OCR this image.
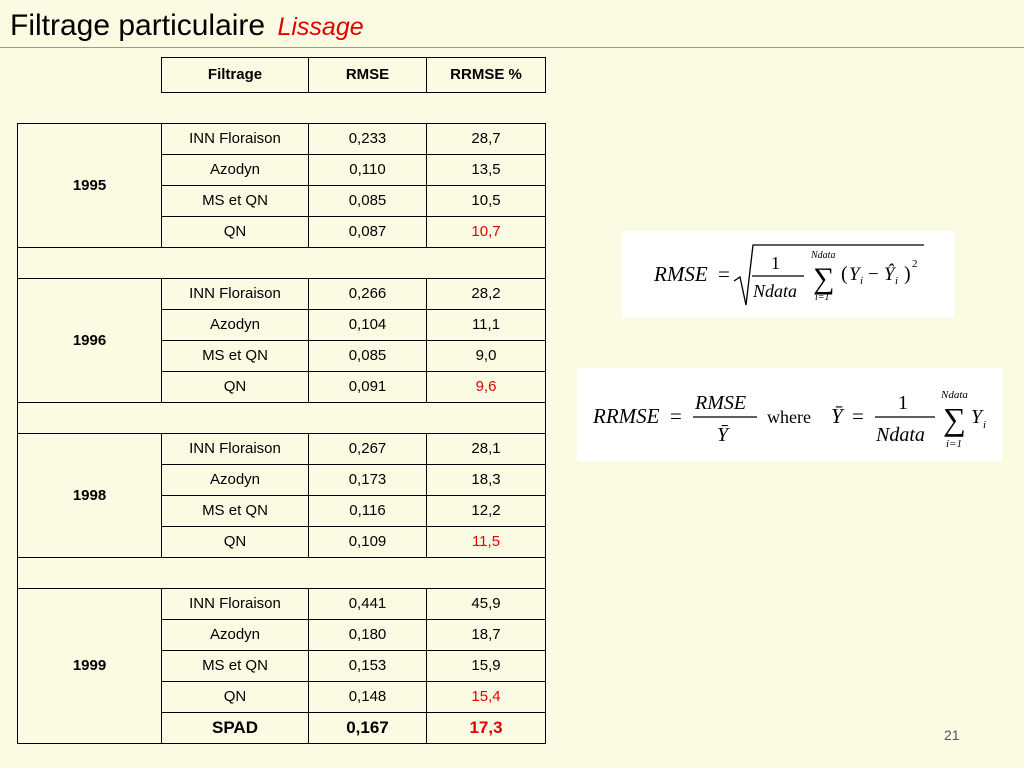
Filtrage particulaire Lissage
Filtrage	RMSE	RRMSE %
1995	INN Floraison	0,233	28,7
	Azodyn	0,110	13,5
	MS et QN	0,085	10,5
	QN	0,087	10,7

1996	INN Floraison	0,266	28,2
	Azodyn	0,104	11,1
	MS et QN	0,085	9,0
	QN	0,091	9,6

1998	INN Floraison	0,267	28,1
	Azodyn	0,173	18,3
	MS et QN	0,116	12,2
	QN	0,109	11,5

1999	INN Floraison	0,441	45,9
	Azodyn	0,180	18,7
	MS et QN	0,153	15,9
	QN	0,148	15,4
	SPAD	0,167	17,3
RMSE = 1
Ndata
Ndata
∑
i=1
( Y i − Ŷ i ) 2
RRMSE =
RMSE
Ȳ
where Ȳ =
1
Ndata
Ndata
∑
i=1
Y i
21
